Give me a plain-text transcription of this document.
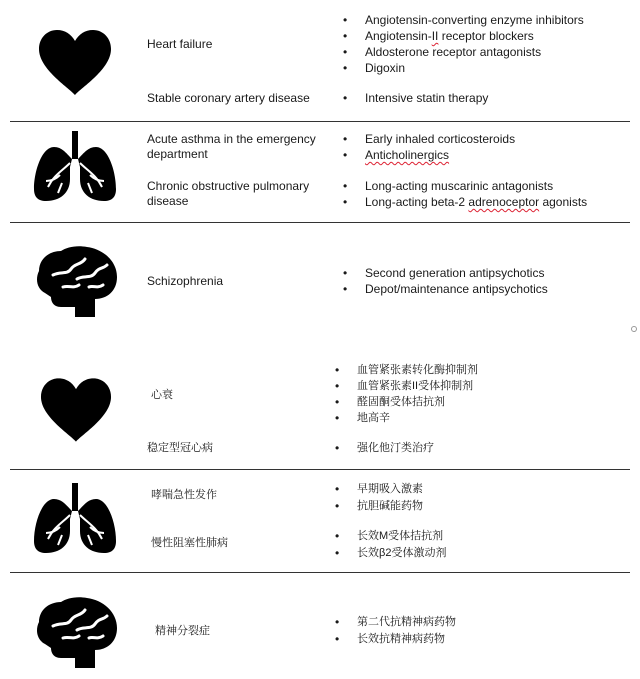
Heart failure
Stable coronary artery disease
• Angiotensin-converting enzyme inhibitors
• Angiotensin-II receptor blockers
• Aldosterone receptor antagonists
• Digoxin
• Intensive statin therapy
Acute asthma in the emergency department
Chronic obstructive pulmonary disease
• Early inhaled corticosteroids
• Anticholinergics
• Long-acting muscarinic antagonists
• Long-acting beta-2 adrenoceptor agonists
Schizophrenia
• Second generation antipsychotics
• Depot/maintenance antipsychotics
心衰
稳定型冠心病
• 血管紧张素转化酶抑制剂
• 血管紧张素II受体抑制剂
• 醛固酮受体拮抗剂
• 地高辛
• 强化他汀类治疗
哮喘急性发作
慢性阻塞性肺病
• 早期吸入激素
• 抗胆碱能药物
• 长效M受体拮抗剂
• 长效β2受体激动剂
精神分裂症
• 第二代抗精神病药物
• 长效抗精神病药物
